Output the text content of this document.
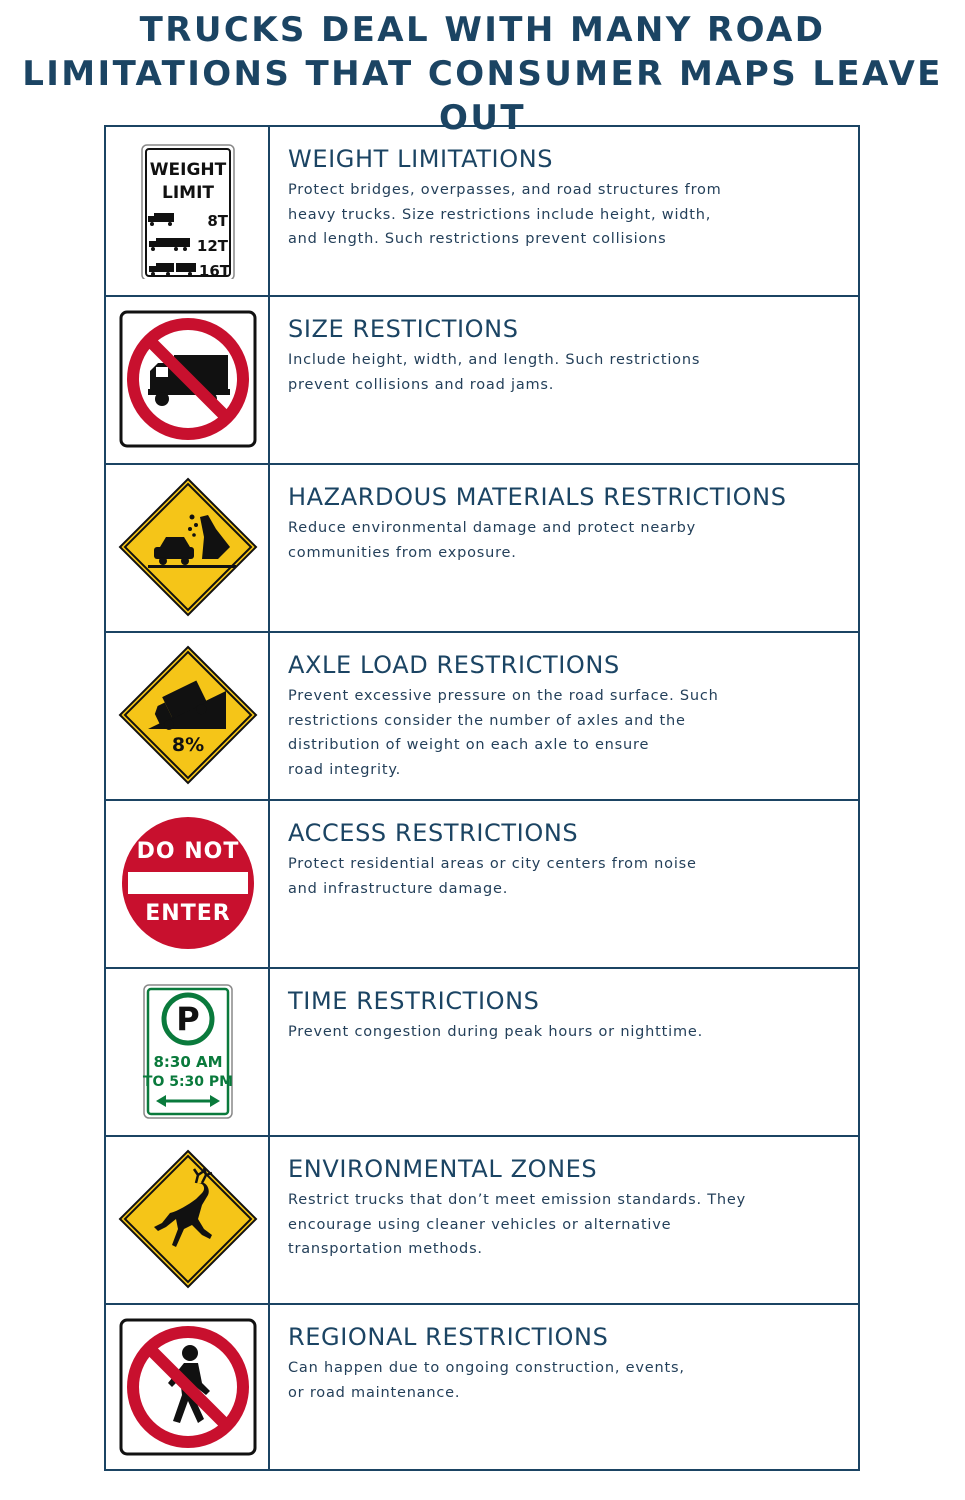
TRUCKS DEAL WITH MANY ROAD
LIMITATIONS THAT CONSUMER MAPS LEAVE OUT
WEIGHT
LIMIT
8T
12T
16T
WEIGHT LIMITATIONS
Protect bridges, overpasses, and road structures from
heavy trucks. Size restrictions include height, width,
and length. Such restrictions prevent collisions
SIZE RESTICTIONS
Include height, width, and length. Such restrictions
prevent collisions and road jams.
HAZARDOUS MATERIALS RESTRICTIONS
Reduce environmental damage and protect nearby
communities from exposure.
8%
AXLE LOAD RESTRICTIONS
Prevent excessive pressure on the road surface. Such
restrictions consider the number of axles and the
distribution of weight on each axle to ensure
road integrity.
DO NOT
ENTER
ACCESS RESTRICTIONS
Protect residential areas or city centers from noise
and infrastructure damage.
P
8:30 AM
TO 5:30 PM
TIME RESTRICTIONS
Prevent congestion during peak hours or nighttime.
ENVIRONMENTAL ZONES
Restrict trucks that don’t meet emission standards. They
encourage using cleaner vehicles or alternative
transportation methods.
REGIONAL RESTRICTIONS
Can happen due to ongoing construction, events,
or road maintenance.
